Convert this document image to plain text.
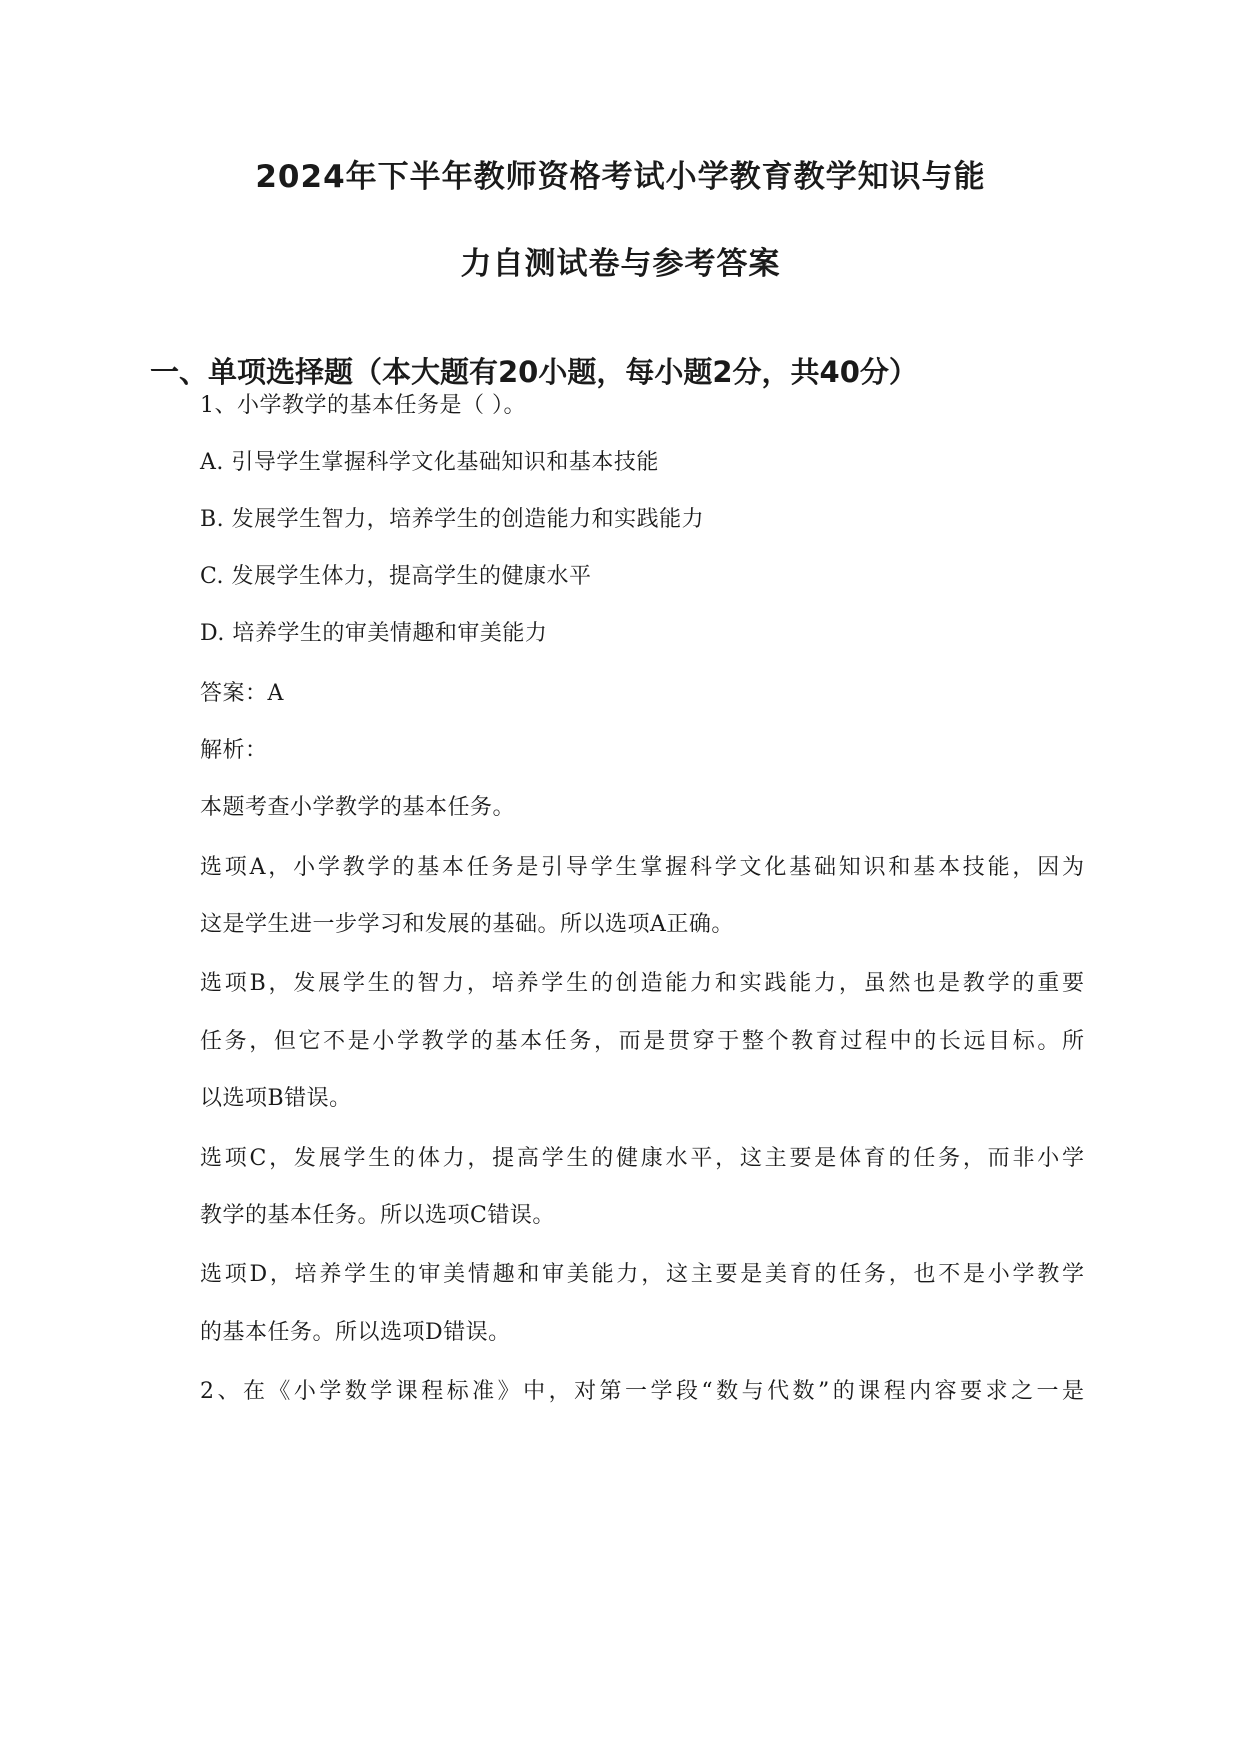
2024年下半年教师资格考试小学教育教学知识与能
力自测试卷与参考答案
一、单项选择题（本大题有20小题，每小题2分，共40分）
1、小学教学的基本任务是（ ）。
A. 引导学生掌握科学文化基础知识和基本技能
B. 发展学生智力，培养学生的创造能力和实践能力
C. 发展学生体力，提高学生的健康水平
D. 培养学生的审美情趣和审美能力
答案：A
解析：
本题考查小学教学的基本任务。
选项A，小学教学的基本任务是引导学生掌握科学文化基础知识和基本技能，因为
这是学生进一步学习和发展的基础。所以选项A正确。
选项B，发展学生的智力，培养学生的创造能力和实践能力，虽然也是教学的重要
任务，但它不是小学教学的基本任务，而是贯穿于整个教育过程中的长远目标。所
以选项B错误。
选项C，发展学生的体力，提高学生的健康水平，这主要是体育的任务，而非小学
教学的基本任务。所以选项C错误。
选项D，培养学生的审美情趣和审美能力，这主要是美育的任务，也不是小学教学
的基本任务。所以选项D错误。
2、在《小学数学课程标准》中，对第一学段“数与代数”的课程内容要求之一是
